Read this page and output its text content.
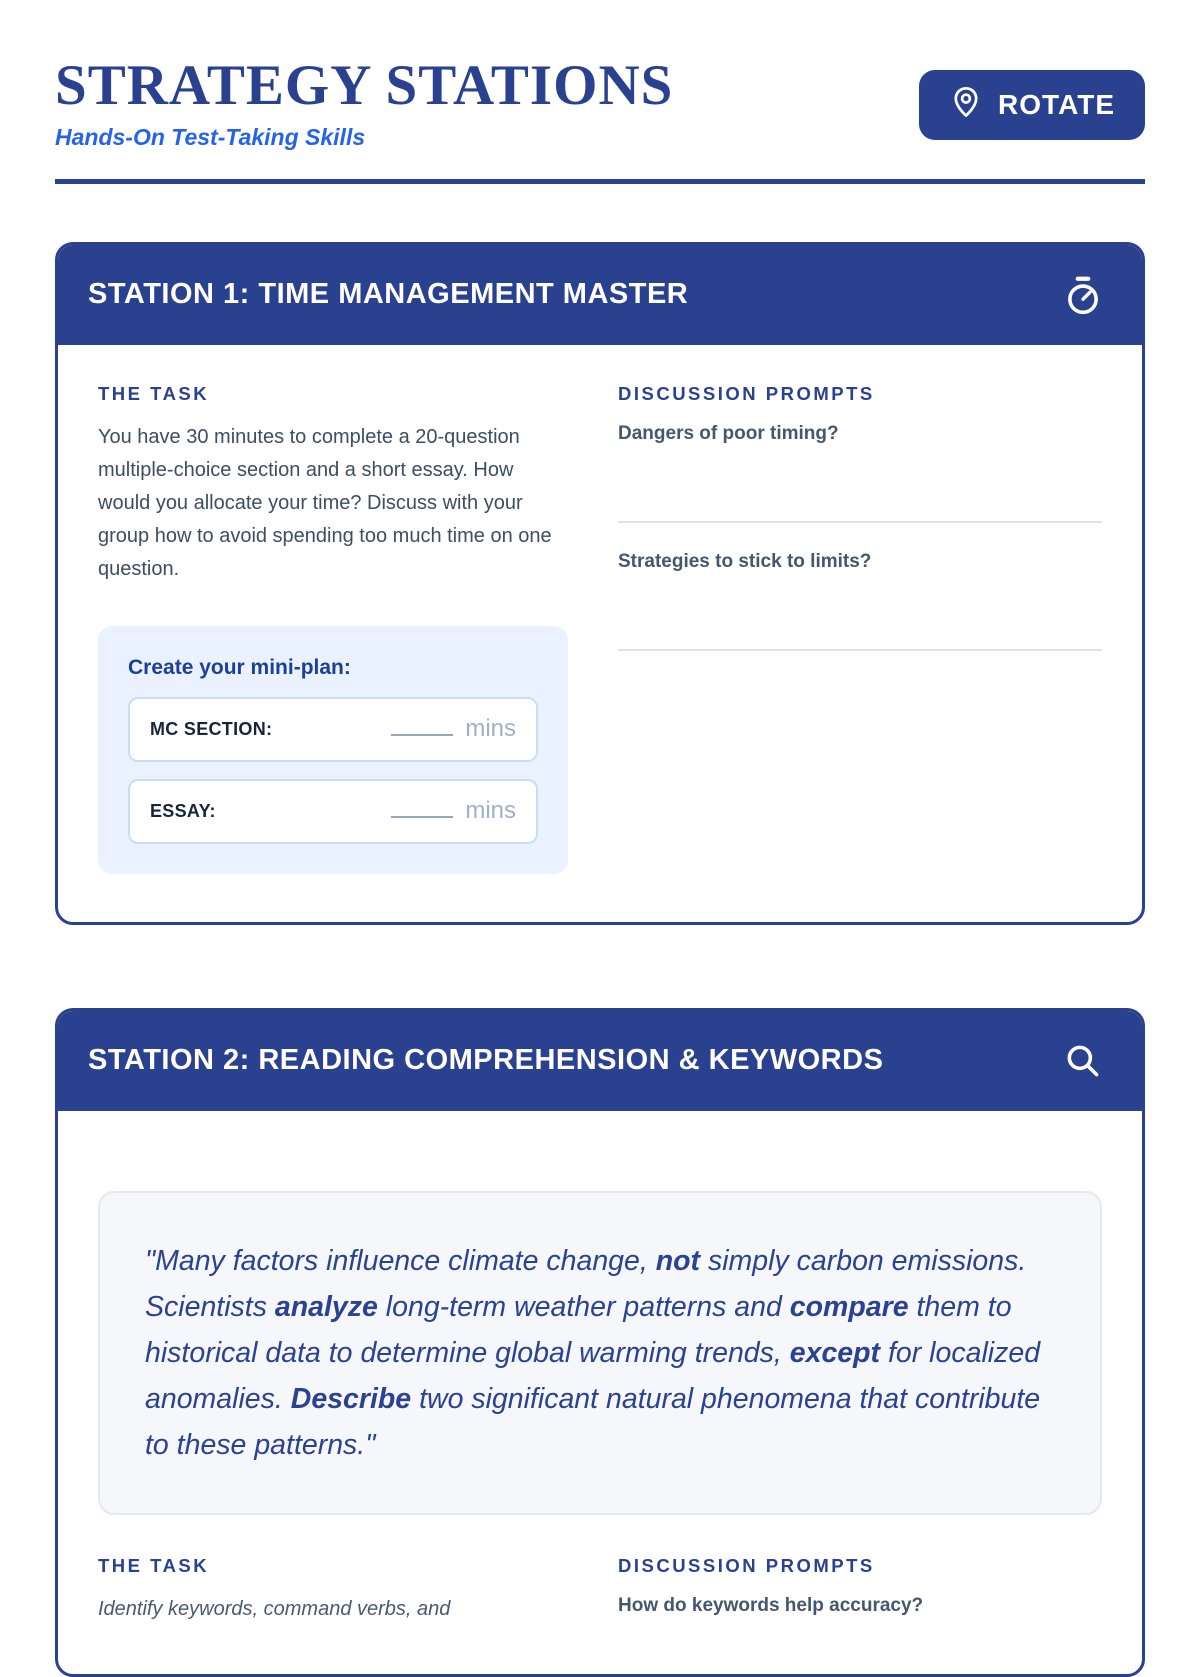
STRATEGY STATIONS
Hands-On Test-Taking Skills
ROTATE
STATION 1: TIME MANAGEMENT MASTER
THE TASK

You have 30 minutes to complete a 20-question multiple-choice section and a short essay. How would you allocate your time? Discuss with your group how to avoid spending too much time on one question.

Create your mini-plan:
MC SECTION:	mins
ESSAY:	mins
DISCUSSION PROMPTS
Dangers of poor timing?
Strategies to stick to limits?
STATION 2: READING COMPREHENSION & KEYWORDS
"Many factors influence climate change, not simply carbon emissions. Scientists analyze long-term weather patterns and compare them to historical data to determine global warming trends, except for localized anomalies. Describe two significant natural phenomena that contribute to these patterns."
THE TASK

Identify keywords, command verbs, and

DISCUSSION PROMPTS
How do keywords help accuracy?
